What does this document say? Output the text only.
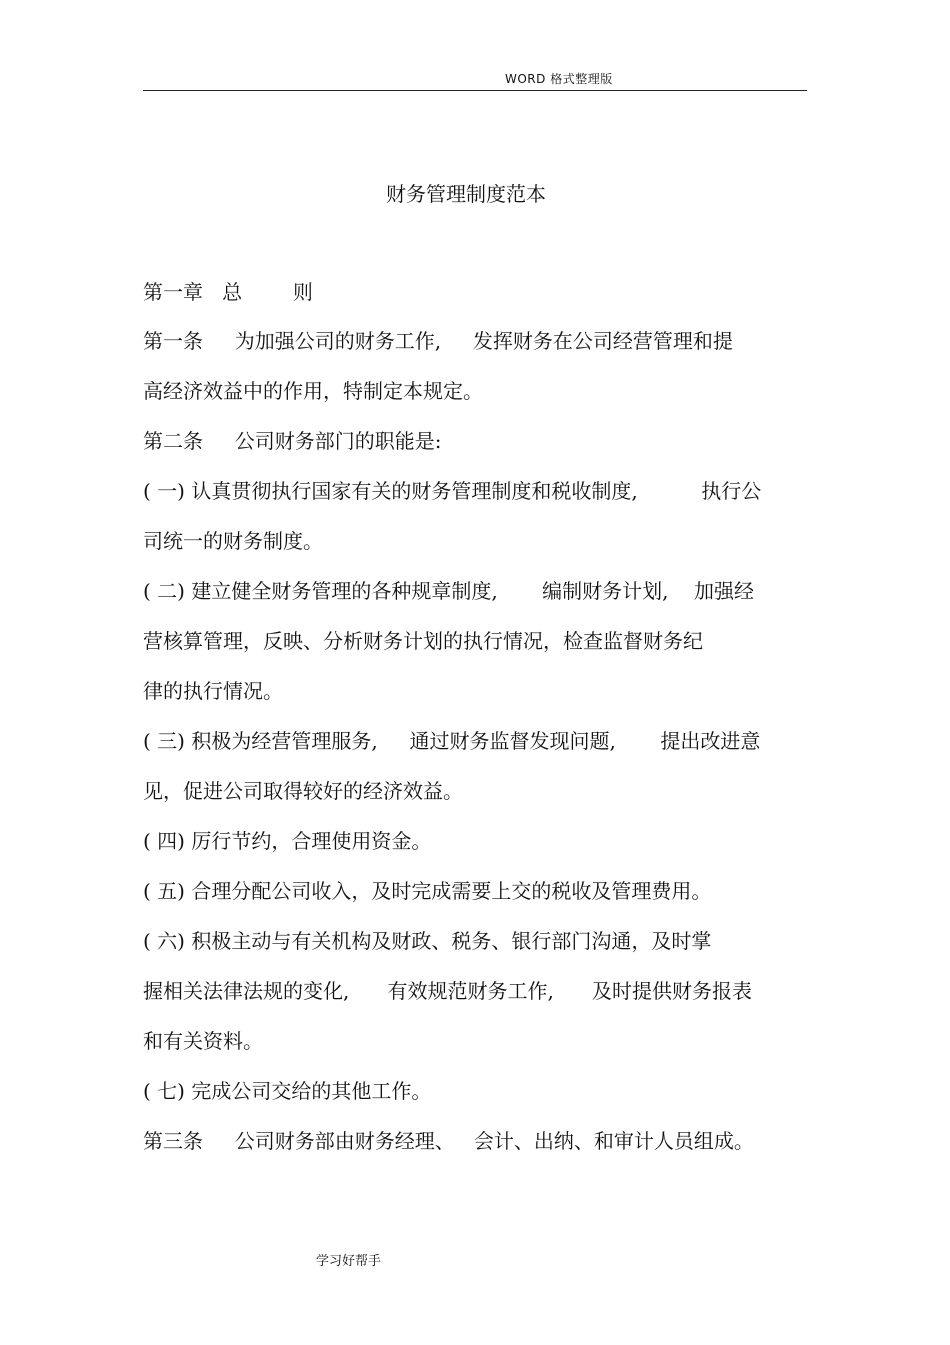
WORD 格式整理版
财务管理制度范本
第一章   总        则
第一条     为加强公司的财务工作,     发挥财务在公司经营管理和提
高经济效益中的作用，特制定本规定。
第二条     公司财务部门的职能是:
( 一) 认真贯彻执行国家有关的财务管理制度和税收制度,          执行公
司统一的财务制度。
( 二) 建立健全财务管理的各种规章制度,       编制财务计划,    加强经
营核算管理，反映、分析财务计划的执行情况，检查监督财务纪
律的执行情况。
( 三) 积极为经营管理服务,     通过财务监督发现问题,       提出改进意
见，促进公司取得较好的经济效益。
( 四) 厉行节约，合理使用资金。
( 五) 合理分配公司收入，及时完成需要上交的税收及管理费用。
( 六) 积极主动与有关机构及财政、税务、银行部门沟通，及时掌
握相关法律法规的变化,      有效规范财务工作,      及时提供财务报表
和有关资料。
( 七) 完成公司交给的其他工作。
第三条     公司财务部由财务经理、   会计、出纳、和审计人员组成。
学习好帮手
